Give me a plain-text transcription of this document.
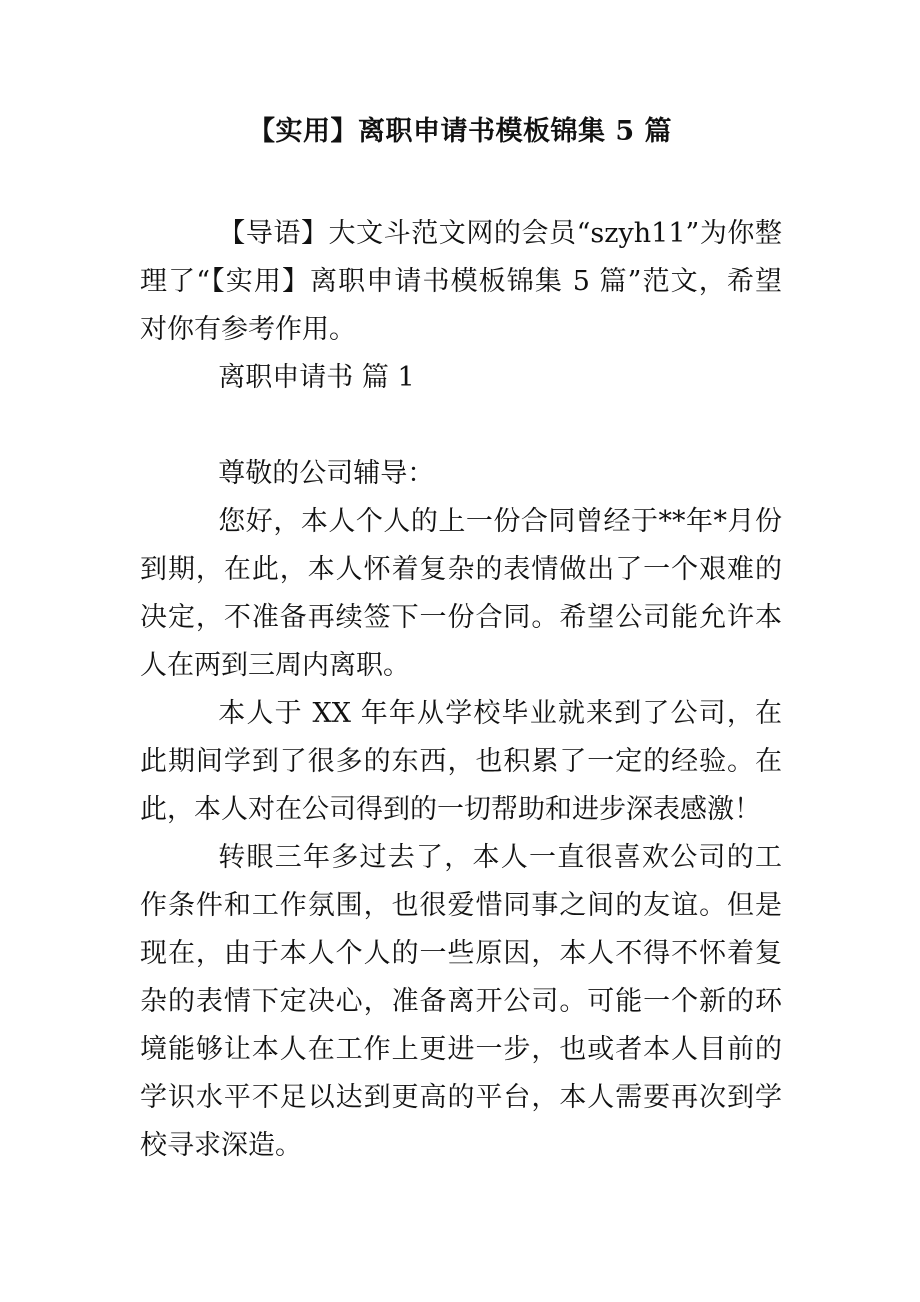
【实用】离职申请书模板锦集 5 篇

【导语】大文斗范文网的会员“szyh11”为你整理了“【实用】离职申请书模板锦集 5 篇”范文，希望对你有参考作用。

离职申请书 篇 1

尊敬的公司辅导：

您好，本人个人的上一份合同曾经于**年*月份到期，在此，本人怀着复杂的表情做出了一个艰难的决定，不准备再续签下一份合同。希望公司能允许本人在两到三周内离职。

本人于 XX 年年从学校毕业就来到了公司，在此期间学到了很多的东西，也积累了一定的经验。在此，本人对在公司得到的一切帮助和进步深表感激！

转眼三年多过去了，本人一直很喜欢公司的工作条件和工作氛围，也很爱惜同事之间的友谊。但是现在，由于本人个人的一些原因，本人不得不怀着复杂的表情下定决心，准备离开公司。可能一个新的环境能够让本人在工作上更进一步，也或者本人目前的学识水平不足以达到更高的平台，本人需要再次到学校寻求深造。
